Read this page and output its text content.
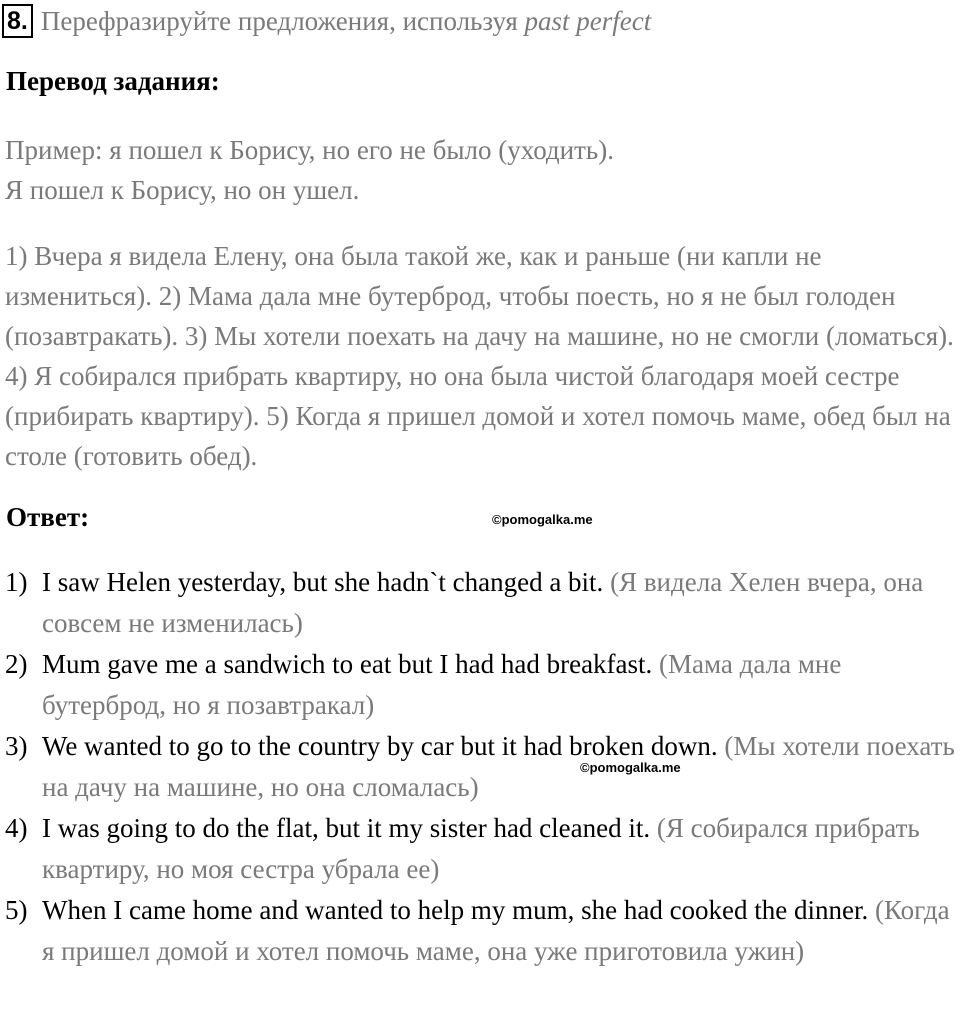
8. Перефразируйте предложения, используя past perfect
Перевод задания:

Пример: я пошел к Борису, но его не было (уходить).

Я пошел к Борису, но он ушел.

1) Вчера я видела Елену, она была такой же, как и раньше (ни капли не измениться). 2) Мама дала мне бутерброд, чтобы поесть, но я не был голоден (позавтракать). 3) Мы хотели поехать на дачу на машине, но не смогли (ломаться). 4) Я собирался прибрать квартиру, но она была чистой благодаря моей сестре (прибирать квартиру). 5) Когда я пришел домой и хотел помочь маме, обед был на столе (готовить обед).

Ответ:	©pomogalka.me
1) I saw Helen yesterday, but she hadn`t changed a bit. (Я видела Хелен вчера, она совсем не изменилась)
2) Mum gave me a sandwich to eat but I had had breakfast. (Мама дала мне бутерброд, но я позавтракал)
3) We wanted to go to the country by car but it had broken down. (Мы хотели поехать на дачу на машине, но она сломалась)
4) I was going to do the flat, but it my sister had cleaned it. (Я собирался прибрать квартиру, но моя сестра убрала ее)
5) When I came home and wanted to help my mum, she had cooked the dinner. (Когда я пришел домой и хотел помочь маме, она уже приготовила ужин)
©pomogalka.me
